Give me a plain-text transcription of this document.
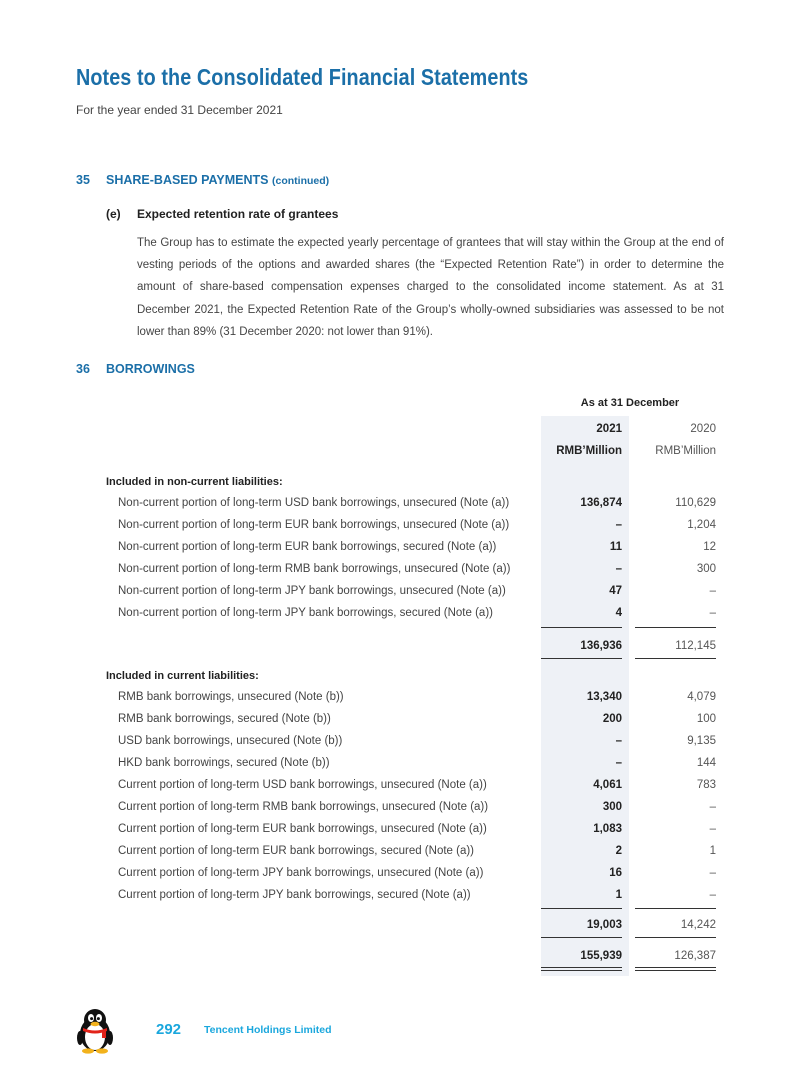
Notes to the Consolidated Financial Statements
For the year ended 31 December 2021
35 SHARE-BASED PAYMENTS (continued)
(e) Expected retention rate of grantees
The Group has to estimate the expected yearly percentage of grantees that will stay within the Group at the end of vesting periods of the options and awarded shares (the “Expected Retention Rate”) in order to determine the amount of share-based compensation expenses charged to the consolidated income statement. As at 31 December 2021, the Expected Retention Rate of the Group’s wholly-owned subsidiaries was assessed to be not lower than 89% (31 December 2020: not lower than 91%).
36 BORROWINGS
As at 31 December
2021	2020
RMB’Million	RMB’Million
Included in non-current liabilities:
Non-current portion of long-term USD bank borrowings, unsecured (Note (a))	136,874	110,629
Non-current portion of long-term EUR bank borrowings, unsecured (Note (a))	–	1,204
Non-current portion of long-term EUR bank borrowings, secured (Note (a))	11	12
Non-current portion of long-term RMB bank borrowings, unsecured (Note (a))	–	300
Non-current portion of long-term JPY bank borrowings, unsecured (Note (a))	47	–
Non-current portion of long-term JPY bank borrowings, secured (Note (a))	4	–
136,936	112,145
Included in current liabilities:
RMB bank borrowings, unsecured (Note (b))	13,340	4,079
RMB bank borrowings, secured (Note (b))	200	100
USD bank borrowings, unsecured (Note (b))	–	9,135
HKD bank borrowings, secured (Note (b))	–	144
Current portion of long-term USD bank borrowings, unsecured (Note (a))	4,061	783
Current portion of long-term RMB bank borrowings, unsecured (Note (a))	300	–
Current portion of long-term EUR bank borrowings, unsecured (Note (a))	1,083	–
Current portion of long-term EUR bank borrowings, secured (Note (a))	2	1
Current portion of long-term JPY bank borrowings, unsecured (Note (a))	16	–
Current portion of long-term JPY bank borrowings, secured (Note (a))	1	–
19,003	14,242
155,939	126,387
292 Tencent Holdings Limited
